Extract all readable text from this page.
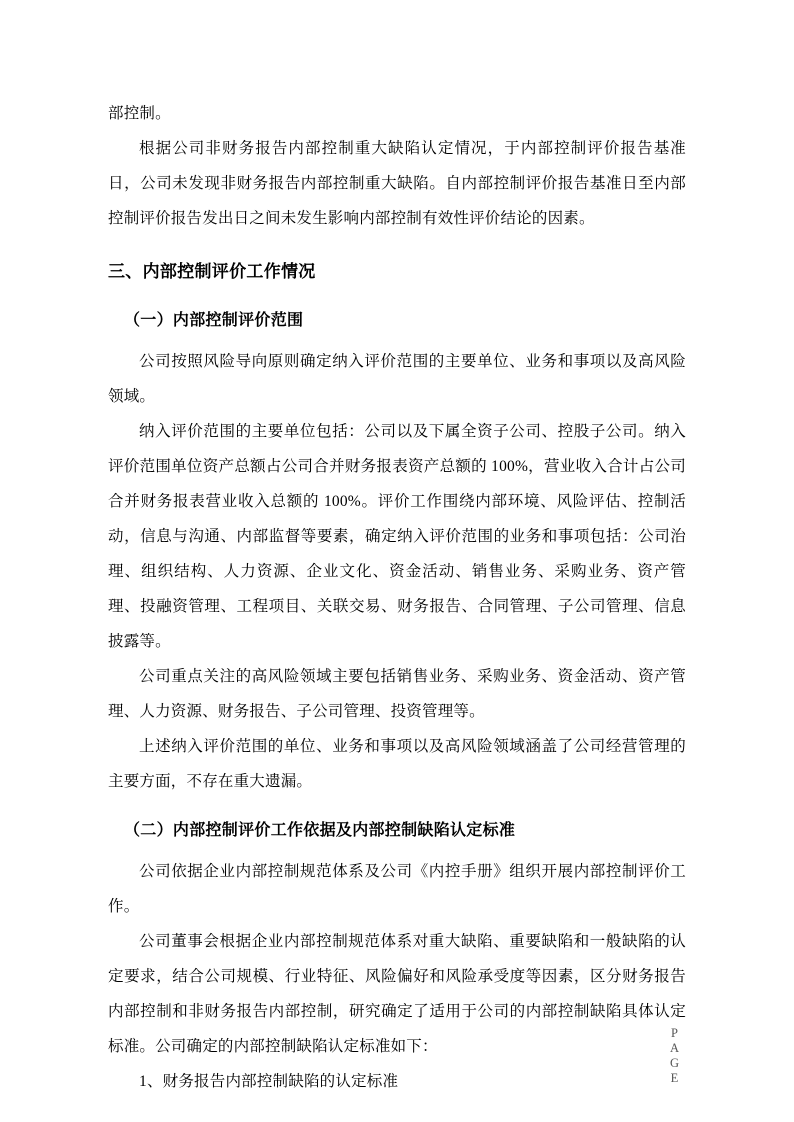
部控制。

根据公司非财务报告内部控制重大缺陷认定情况，于内部控制评价报告基准日，公司未发现非财务报告内部控制重大缺陷。自内部控制评价报告基准日至内部控制评价报告发出日之间未发生影响内部控制有效性评价结论的因素。

三、内部控制评价工作情况
（一）内部控制评价范围

公司按照风险导向原则确定纳入评价范围的主要单位、业务和事项以及高风险领域。

纳入评价范围的主要单位包括：公司以及下属全资子公司、控股子公司。纳入评价范围单位资产总额占公司合并财务报表资产总额的 100%，营业收入合计占公司合并财务报表营业收入总额的 100%。评价工作围绕内部环境、风险评估、控制活动，信息与沟通、内部监督等要素，确定纳入评价范围的业务和事项包括：公司治理、组织结构、人力资源、企业文化、资金活动、销售业务、采购业务、资产管理、投融资管理、工程项目、关联交易、财务报告、合同管理、子公司管理、信息披露等。

公司重点关注的高风险领域主要包括销售业务、采购业务、资金活动、资产管理、人力资源、财务报告、子公司管理、投资管理等。

上述纳入评价范围的单位、业务和事项以及高风险领域涵盖了公司经营管理的主要方面，不存在重大遗漏。

（二）内部控制评价工作依据及内部控制缺陷认定标准

公司依据企业内部控制规范体系及公司《内控手册》组织开展内部控制评价工作。

公司董事会根据企业内部控制规范体系对重大缺陷、重要缺陷和一般缺陷的认定要求，结合公司规模、行业特征、风险偏好和风险承受度等因素，区分财务报告内部控制和非财务报告内部控制，研究确定了适用于公司的内部控制缺陷具体认定标准。公司确定的内部控制缺陷认定标准如下：

1、财务报告内部控制缺陷的认定标准

P
A
G
E
